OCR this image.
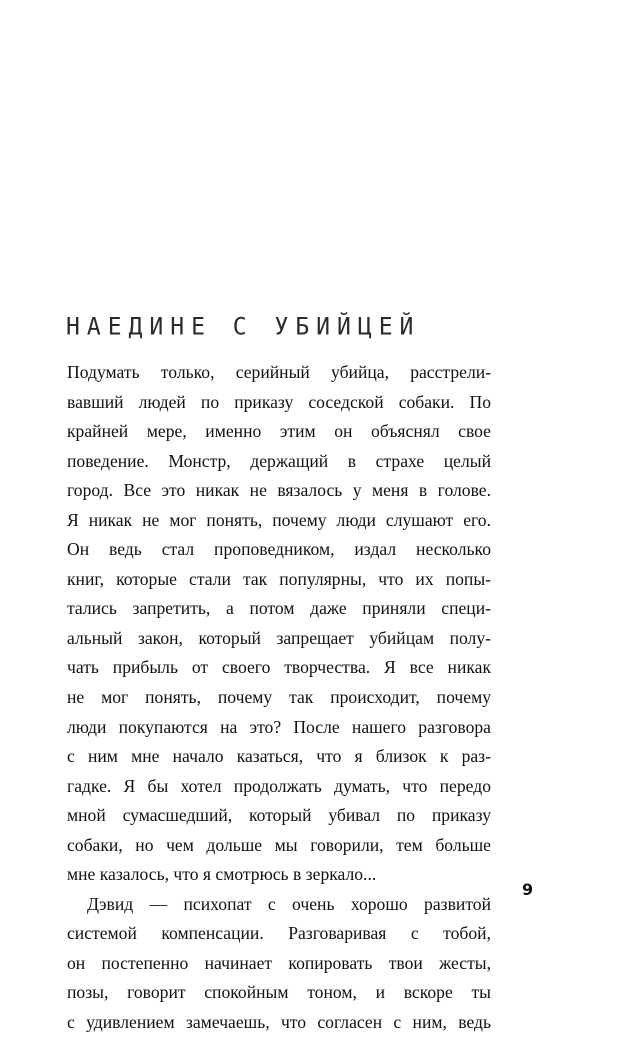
НАЕДИНЕ С УБИЙЦЕЙ

Подумать только, серийный убийца, расстрели-
вавший людей по приказу соседской собаки. По
крайней мере, именно этим он объяснял свое
поведение. Монстр, держащий в страхе целый
город. Все это никак не вязалось у меня в голове.
Я никак не мог понять, почему люди слушают его.
Он ведь стал проповедником, издал несколько
книг, которые стали так популярны, что их попы-
тались запретить, а потом даже приняли специ-
альный закон, который запрещает убийцам полу-
чать прибыль от своего творчества. Я все никак
не мог понять, почему так происходит, почему
люди покупаются на это? После нашего разговора
с ним мне начало казаться, что я близок к раз-
гадке. Я бы хотел продолжать думать, что передо
мной сумасшедший, который убивал по приказу
собаки, но чем дольше мы говорили, тем больше
мне казалось, что я смотрюсь в зеркало...

Дэвид — психопат с очень хорошо развитой
системой компенсации. Разговаривая с тобой,
он постепенно начинает копировать твои жесты,
позы, говорит спокойным тоном, и вскоре ты
с удивлением замечаешь, что согласен с ним, ведь

9
